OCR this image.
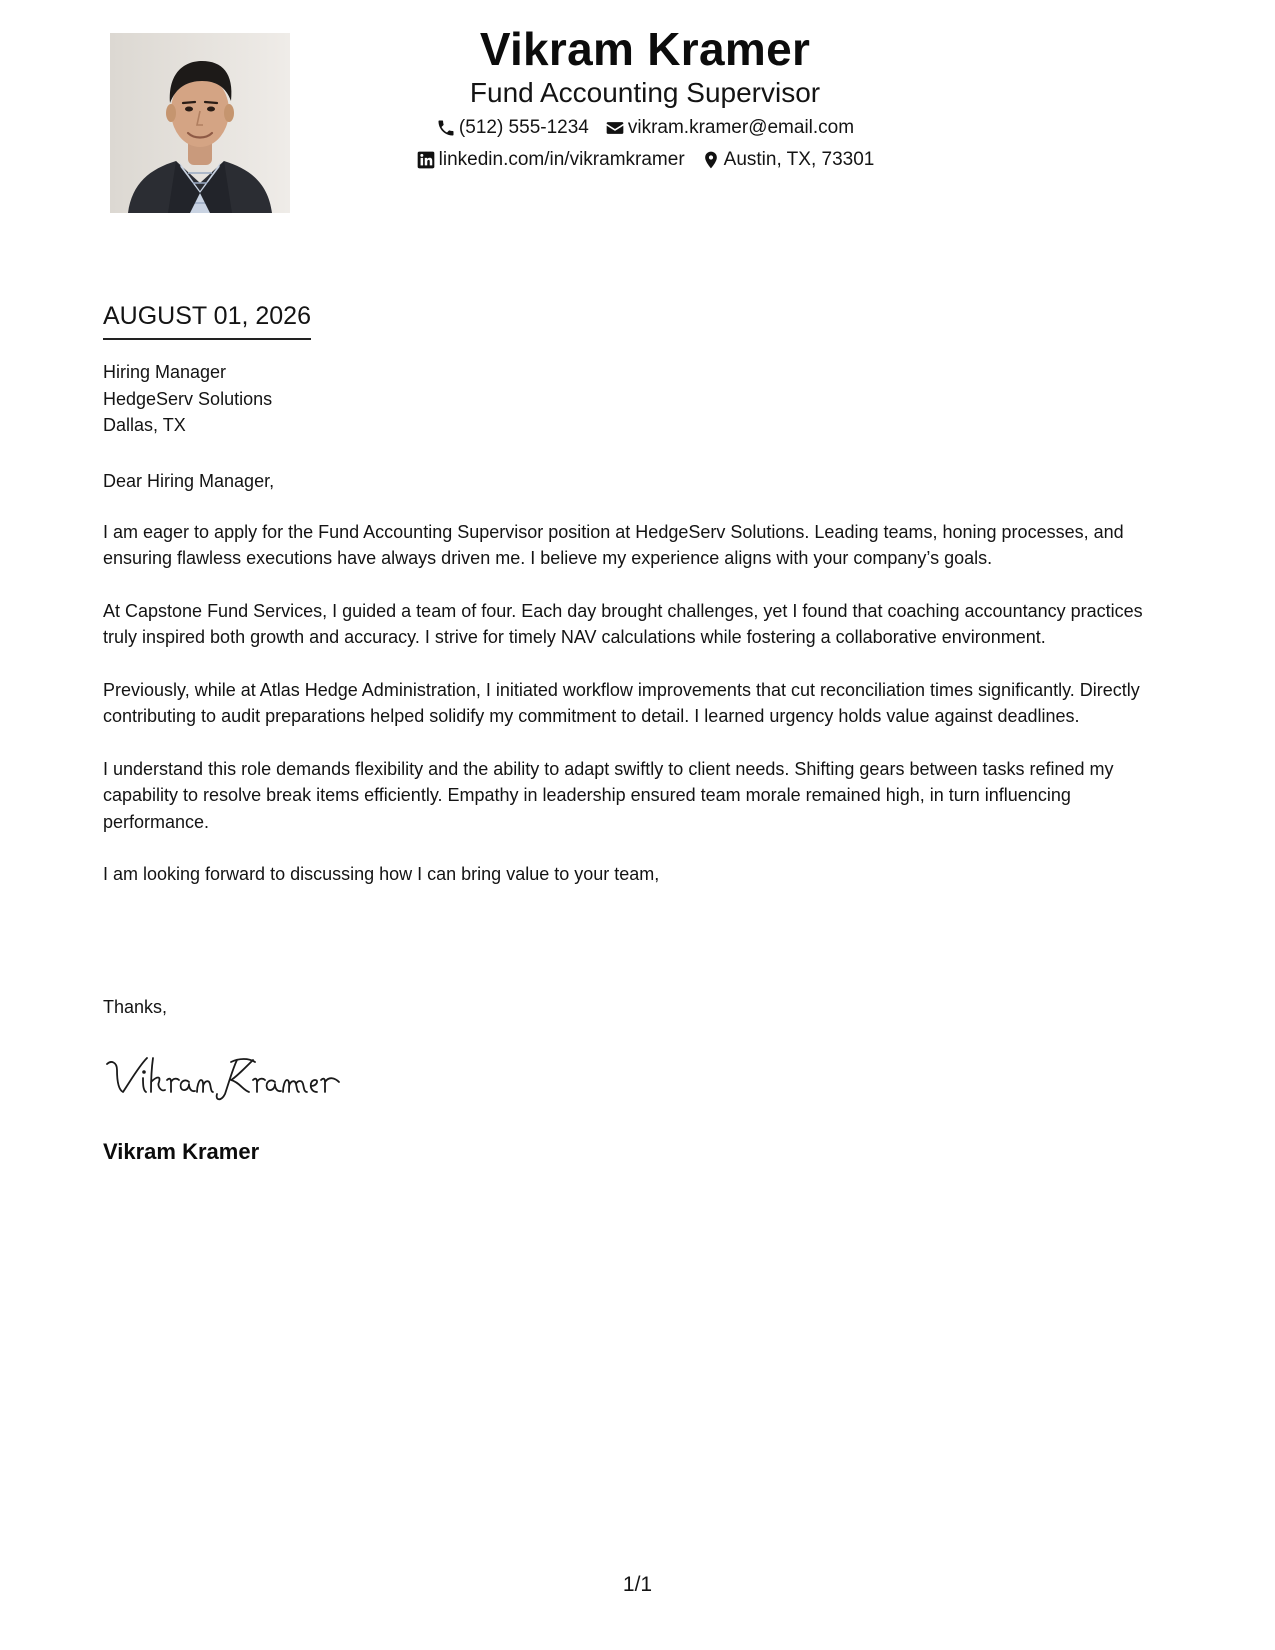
Vikram Kramer
Fund Accounting Supervisor
(512) 555-1234 vikram.kramer@email.com
linkedin.com/in/vikramkramer Austin, TX, 73301
AUGUST 01, 2026
Hiring Manager
HedgeServ Solutions
Dallas, TX

Dear Hiring Manager,

I am eager to apply for the Fund Accounting Supervisor position at HedgeServ Solutions. Leading teams, honing processes, and ensuring flawless executions have always driven me. I believe my experience aligns with your company’s goals.

At Capstone Fund Services, I guided a team of four. Each day brought challenges, yet I found that coaching accountancy practices truly inspired both growth and accuracy. I strive for timely NAV calculations while fostering a collaborative environment.

Previously, while at Atlas Hedge Administration, I initiated workflow improvements that cut reconciliation times significantly. Directly contributing to audit preparations helped solidify my commitment to detail. I learned urgency holds value against deadlines.

I understand this role demands flexibility and the ability to adapt swiftly to client needs. Shifting gears between tasks refined my capability to resolve break items efficiently. Empathy in leadership ensured team morale remained high, in turn influencing performance.

I am looking forward to discussing how I can bring value to your team,

Thanks,
Vikram Kramer
1/1
